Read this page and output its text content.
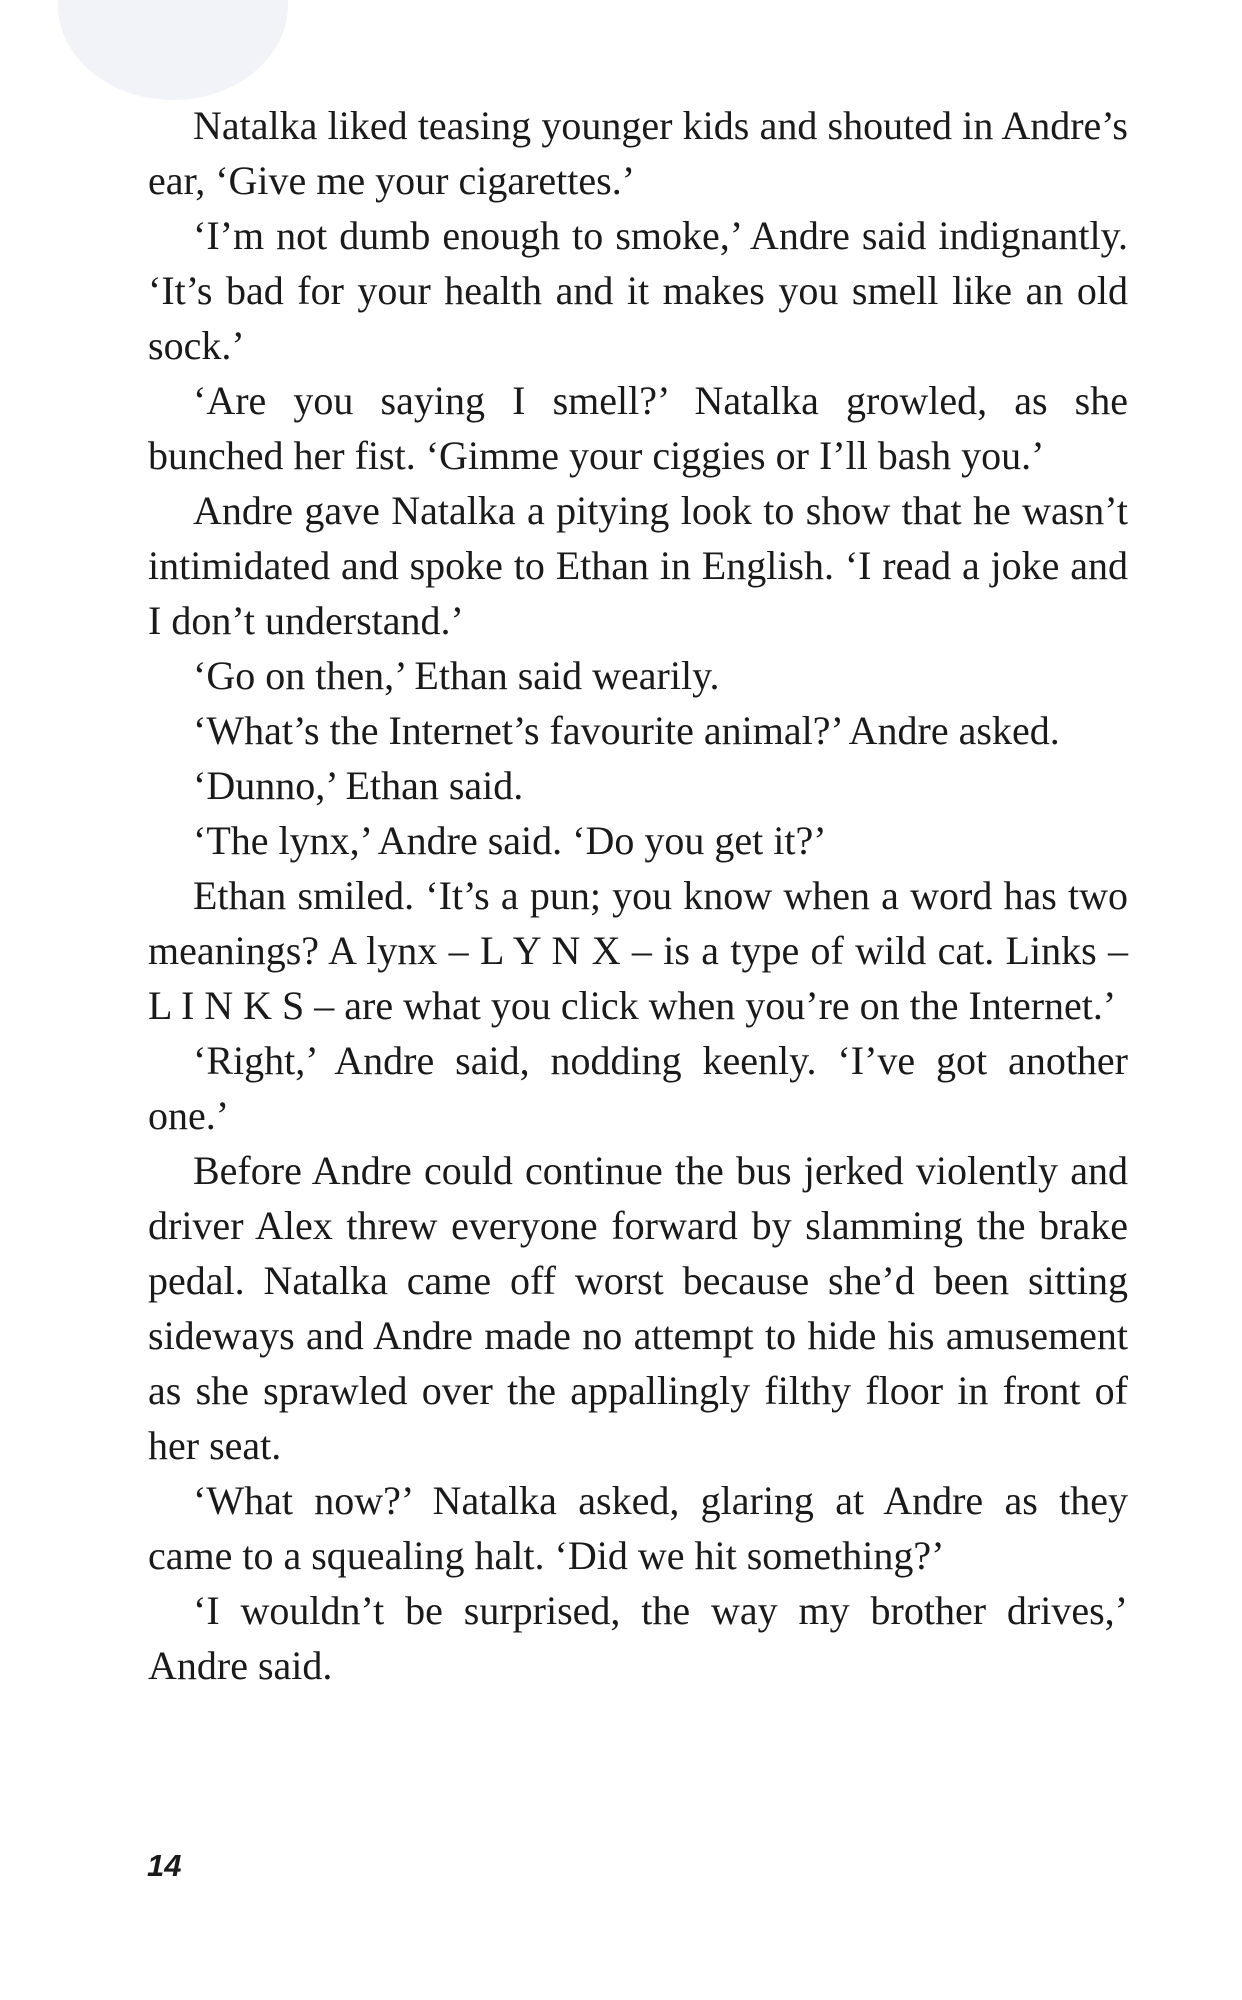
Natalka liked teasing younger kids and shouted in Andre’s ear, ‘Give me your cigarettes.’

‘I’m not dumb enough to smoke,’ Andre said indignantly. ‘It’s bad for your health and it makes you smell like an old sock.’

‘Are you saying I smell?’ Natalka growled, as she bunched her fist. ‘Gimme your ciggies or I’ll bash you.’

Andre gave Natalka a pitying look to show that he wasn’t intimidated and spoke to Ethan in English. ‘I read a joke and I don’t understand.’

‘Go on then,’ Ethan said wearily.

‘What’s the Internet’s favourite animal?’ Andre asked.

‘Dunno,’ Ethan said.

‘The lynx,’ Andre said. ‘Do you get it?’

Ethan smiled. ‘It’s a pun; you know when a word has two meanings? A lynx – L Y N X – is a type of wild cat. Links – L I N K S – are what you click when you’re on the Internet.’

‘Right,’ Andre said, nodding keenly. ‘I’ve got another one.’

Before Andre could continue the bus jerked violently and driver Alex threw everyone forward by slamming the brake pedal. Natalka came off worst because she’d been sitting sideways and Andre made no attempt to hide his amusement as she sprawled over the appallingly filthy floor in front of her seat.

‘What now?’ Natalka asked, glaring at Andre as they came to a squealing halt. ‘Did we hit something?’

‘I wouldn’t be surprised, the way my brother drives,’ Andre said.

14
